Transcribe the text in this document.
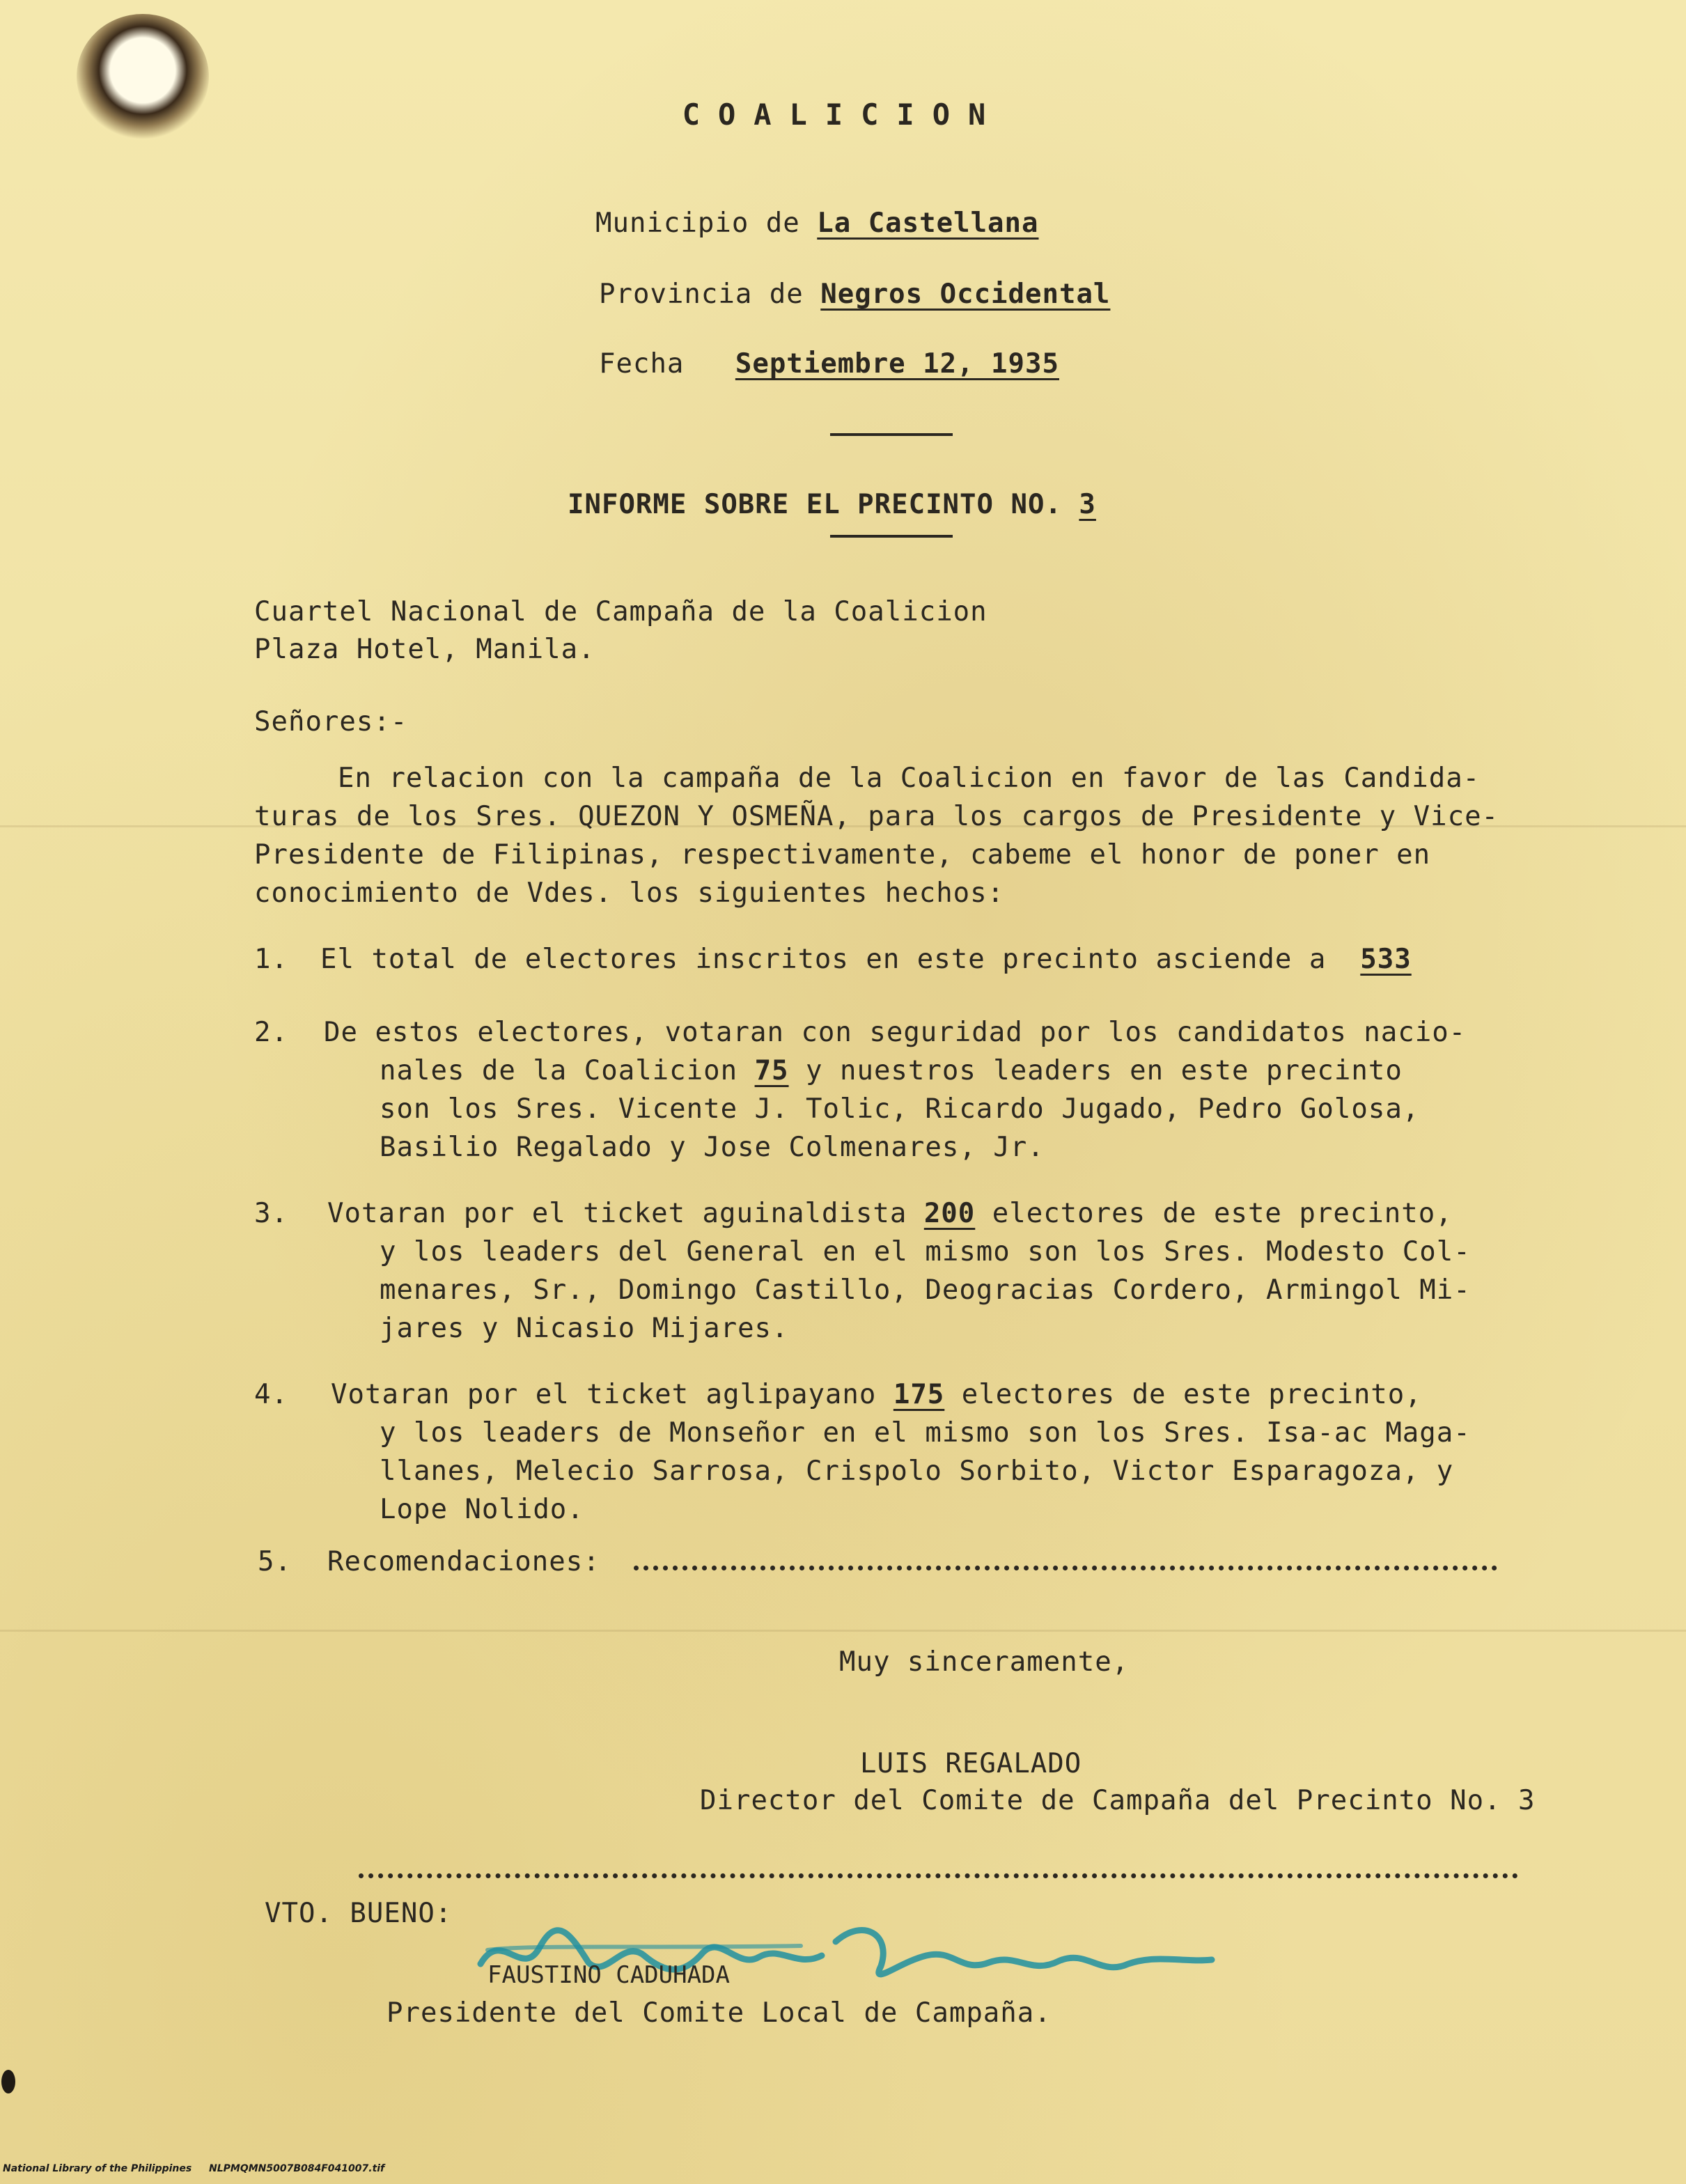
COALICION
Municipio de La Castellana
Provincia de Negros Occidental
Fecha Septiembre 12, 1935
INFORME SOBRE EL PRECINTO NO. 3
Cuartel Nacional de Campaña de la Coalicion
Plaza Hotel, Manila.
Señores:-
En relacion con la campaña de la Coalicion en favor de las Candida-
turas de los Sres. QUEZON Y OSMEÑA, para los cargos de Presidente y Vice-
Presidente de Filipinas, respectivamente, cabeme el honor de poner en
conocimiento de Vdes. los siguientes hechos:
1. El total de electores inscritos en este precinto asciende a 533
2. De estos electores, votaran con seguridad por los candidatos nacio-
nales de la Coalicion 75 y nuestros leaders en este precinto
son los Sres. Vicente J. Tolic, Ricardo Jugado, Pedro Golosa,
Basilio Regalado y Jose Colmenares, Jr.
3. Votaran por el ticket aguinaldista 200 electores de este precinto,
y los leaders del General en el mismo son los Sres. Modesto Col-
menares, Sr., Domingo Castillo, Deogracias Cordero, Armingol Mi-
jares y Nicasio Mijares.
4. Votaran por el ticket aglipayano 175 electores de este precinto,
y los leaders de Monseñor en el mismo son los Sres. Isa-ac Maga-
llanes, Melecio Sarrosa, Crispolo Sorbito, Victor Esparagoza, y
Lope Nolido.
5. Recomendaciones:
Muy sinceramente,
LUIS REGALADO
Director del Comite de Campaña del Precinto No. 3
VTO. BUENO:
FAUSTINO CADUHADA
Presidente del Comite Local de Campaña.
National Library of the Philippines NLPMQMN5007B084F041007.tif
